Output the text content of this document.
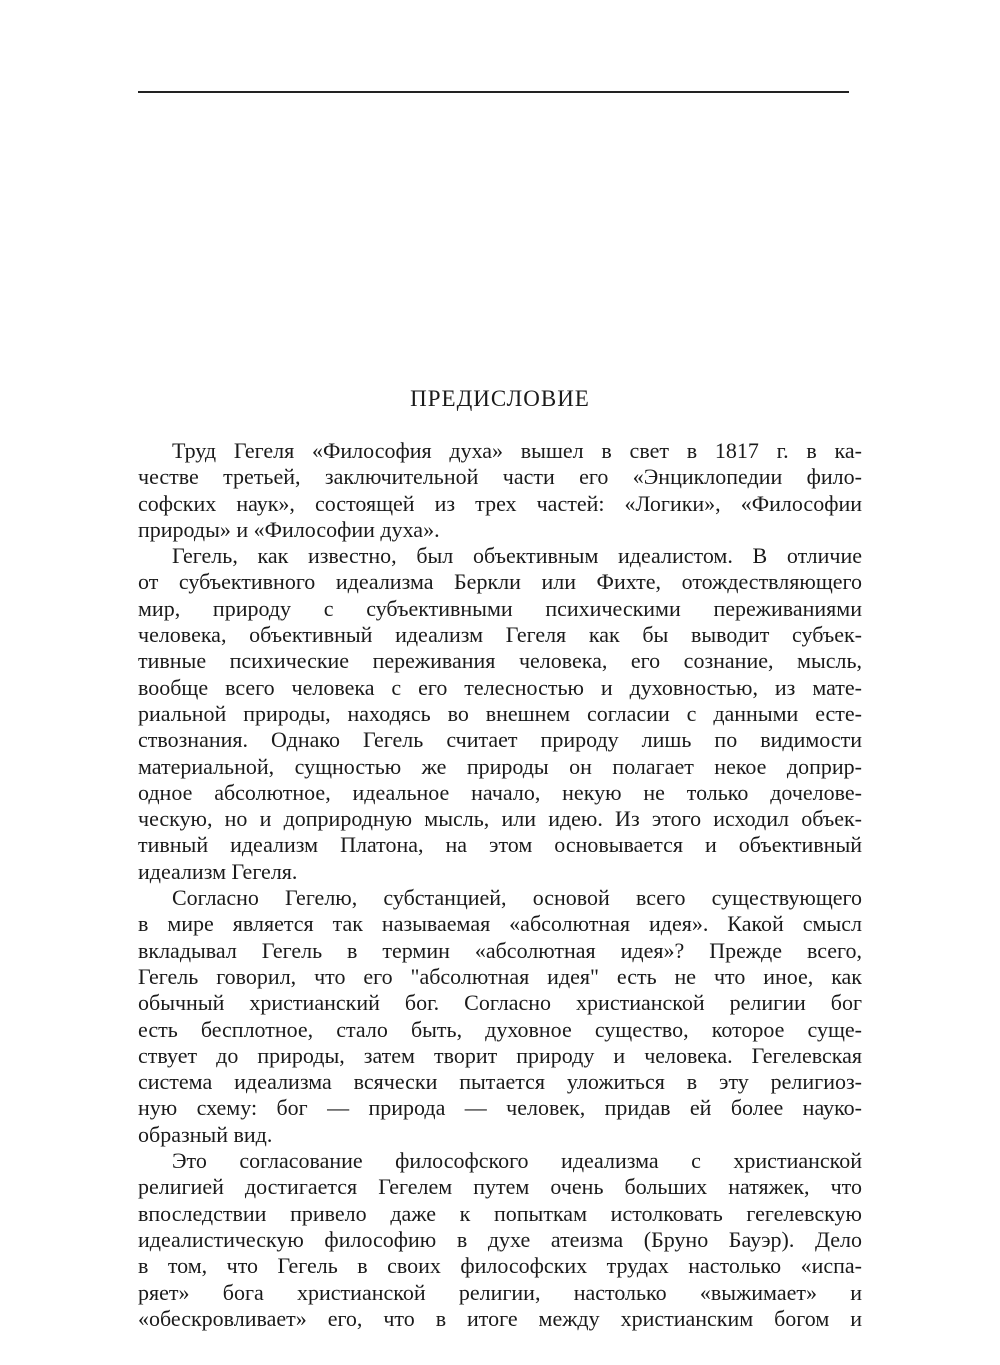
ПРЕДИСЛОВИЕ
Труд Гегеля «Философия духа» вышел в свет в 1817 г. в ка-
честве третьей, заключительной части его «Энциклопедии фило-
софских наук», состоящей из трех частей: «Логики», «Философии
природы» и «Философии духа».
Гегель, как известно, был объективным идеалистом. В отличие
от субъективного идеализма Беркли или Фихте, отождествляющего
мир, природу с субъективными психическими переживаниями
человека, объективный идеализм Гегеля как бы выводит субъек-
тивные психические переживания человека, его сознание, мысль,
вообще всего человека с его телесностью и духовностью, из мате-
риальной природы, находясь во внешнем согласии с данными есте-
ствознания. Однако Гегель считает природу лишь по видимости
материальной, сущностью же природы он полагает некое доприр-
одное абсолютное, идеальное начало, некую не только дочелове-
ческую, но и доприродную мысль, или идею. Из этого исходил объек-
тивный идеализм Платона, на этом основывается и объективный
идеализм Гегеля.
Согласно Гегелю, субстанцией, основой всего существующего
в мире является так называемая «абсолютная идея». Какой смысл
вкладывал Гегель в термин «абсолютная идея»? Прежде всего,
Гегель говорил, что его "абсолютная идея" есть не что иное, как
обычный христианский бог. Согласно христианской религии бог
есть бесплотное, стало быть, духовное существо, которое суще-
ствует до природы, затем творит природу и человека. Гегелевская
система идеализма всячески пытается уложиться в эту религиоз-
ную схему: бог — природа — человек, придав ей более науко-
образный вид.
Это согласование философского идеализма с христианской
религией достигается Гегелем путем очень больших натяжек, что
впоследствии привело даже к попыткам истолковать гегелевскую
идеалистическую философию в духе атеизма (Бруно Бауэр). Дело
в том, что Гегель в своих философских трудах настолько «испа-
ряет» бога христианской религии, настолько «выжимает» и
«обескровливает» его, что в итоге между христианским богом и
